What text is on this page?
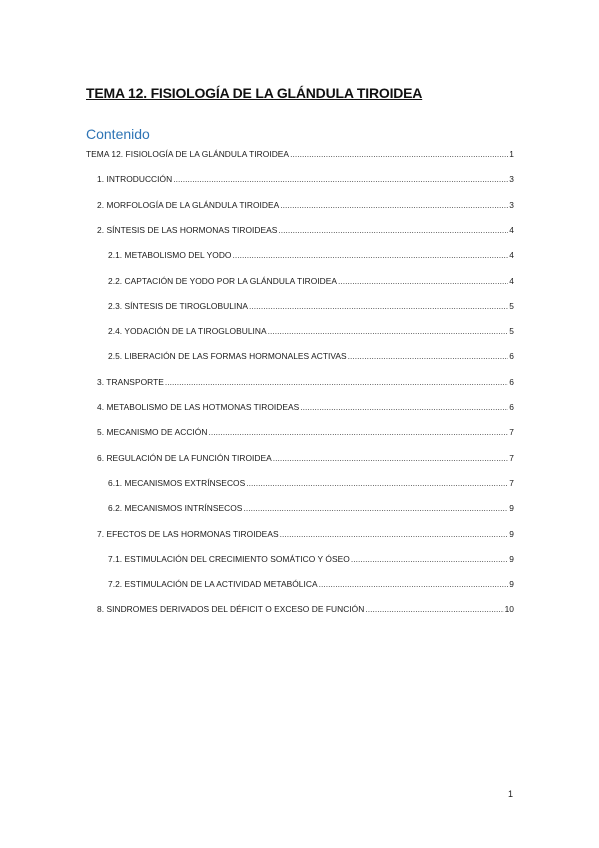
TEMA 12. FISIOLOGÍA DE LA GLÁNDULA TIROIDEA
Contenido
TEMA 12. FISIOLOGÍA DE LA GLÁNDULA TIROIDEA .....	1
1. INTRODUCCIÓN .....	3
2. MORFOLOGÍA DE LA GLÁNDULA TIROIDEA .....	3
2. SÍNTESIS DE LAS HORMONAS TIROIDEAS .....	4
2.1. METABOLISMO DEL YODO .....	4
2.2. CAPTACIÓN DE YODO POR LA GLÁNDULA TIROIDEA .....	4
2.3. SÍNTESIS DE TIROGLOBULINA .....	5
2.4. YODACIÓN DE LA TIROGLOBULINA .....	5
2.5. LIBERACIÓN DE LAS FORMAS HORMONALES ACTIVAS .....	6
3. TRANSPORTE .....	6
4. METABOLISMO DE LAS HOTMONAS TIROIDEAS .....	6
5. MECANISMO DE ACCIÓN .....	7
6. REGULACIÓN DE LA FUNCIÓN TIROIDEA .....	7
6.1. MECANISMOS EXTRÍNSECOS .....	7
6.2. MECANISMOS INTRÍNSECOS .....	9
7. EFECTOS DE LAS HORMONAS TIROIDEAS .....	9
7.1. ESTIMULACIÓN DEL CRECIMIENTO SOMÁTICO Y ÓSEO .....	9
7.2. ESTIMULACIÓN DE LA ACTIVIDAD METABÓLICA .....	9
8. SINDROMES DERIVADOS DEL DÉFICIT O EXCESO DE FUNCIÓN .....	10
1
